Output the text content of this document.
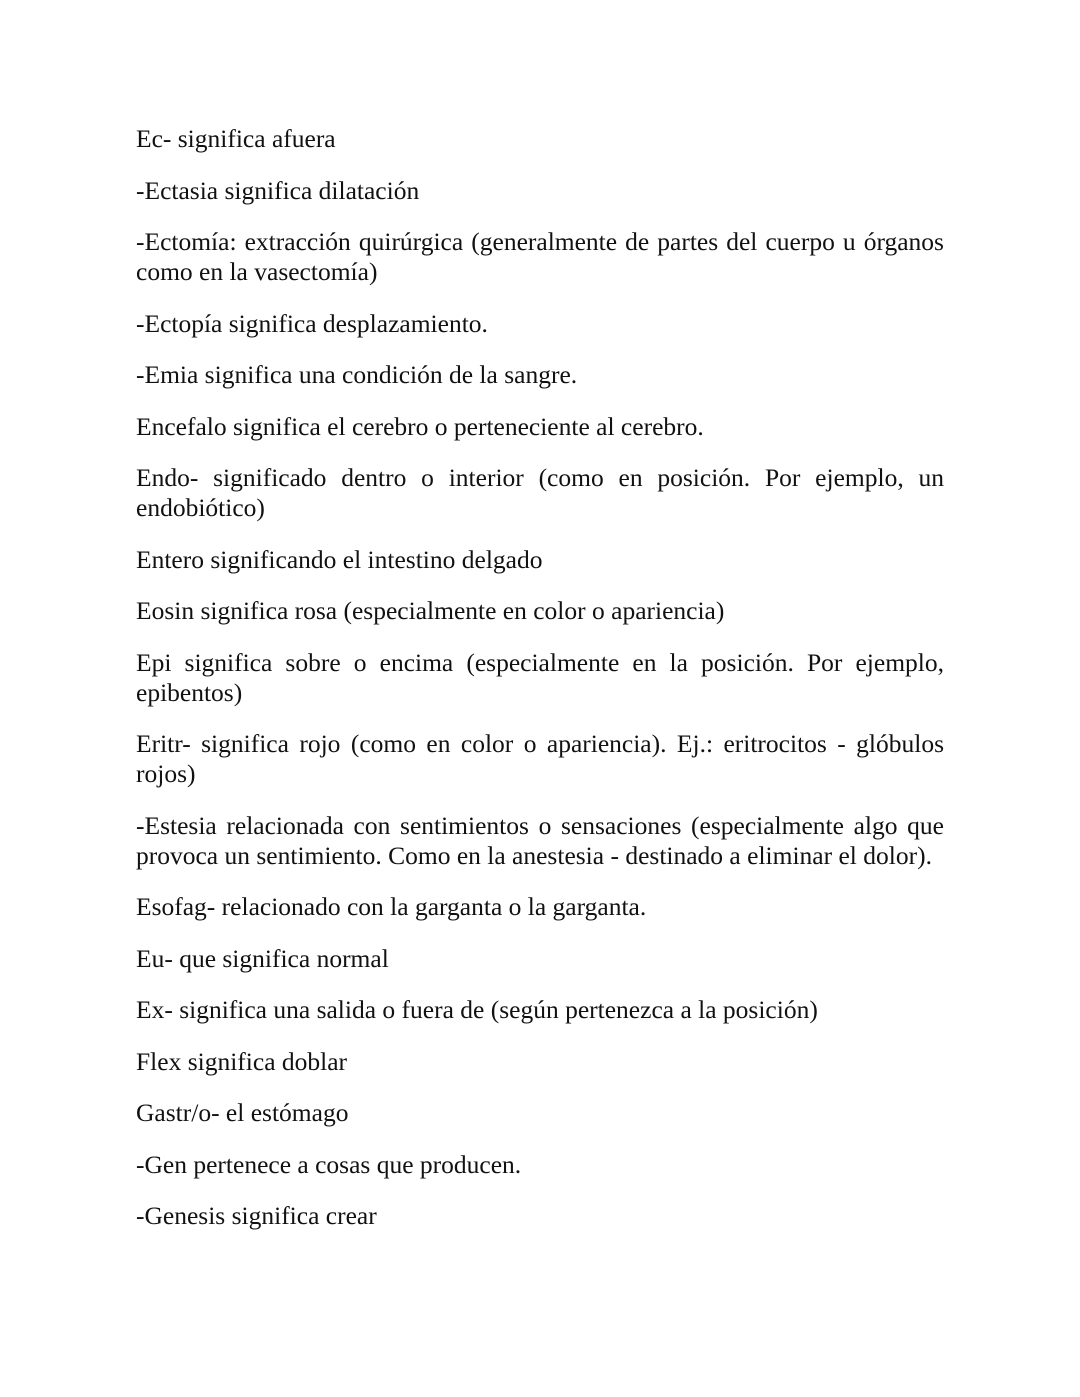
Ec- significa afuera

-Ectasia significa dilatación

-Ectomía: extracción quirúrgica (generalmente de partes del cuerpo u órganos como en la vasectomía)

-Ectopía significa desplazamiento.

-Emia significa una condición de la sangre.

Encefalo significa el cerebro o perteneciente al cerebro.

Endo- significado dentro o interior (como en posición. Por ejemplo, un endobiótico)

Entero significando el intestino delgado

Eosin significa rosa (especialmente en color o apariencia)

Epi significa sobre o encima (especialmente en la posición. Por ejemplo, epibentos)

Eritr- significa rojo (como en color o apariencia). Ej.: eritrocitos - glóbulos rojos)

-Estesia relacionada con sentimientos o sensaciones (especialmente algo que provoca un sentimiento. Como en la anestesia - destinado a eliminar el dolor).

Esofag- relacionado con la garganta o la garganta.

Eu- que significa normal

Ex- significa una salida o fuera de (según pertenezca a la posición)

Flex significa doblar

Gastr/o- el estómago

-Gen pertenece a cosas que producen.

-Genesis significa crear
